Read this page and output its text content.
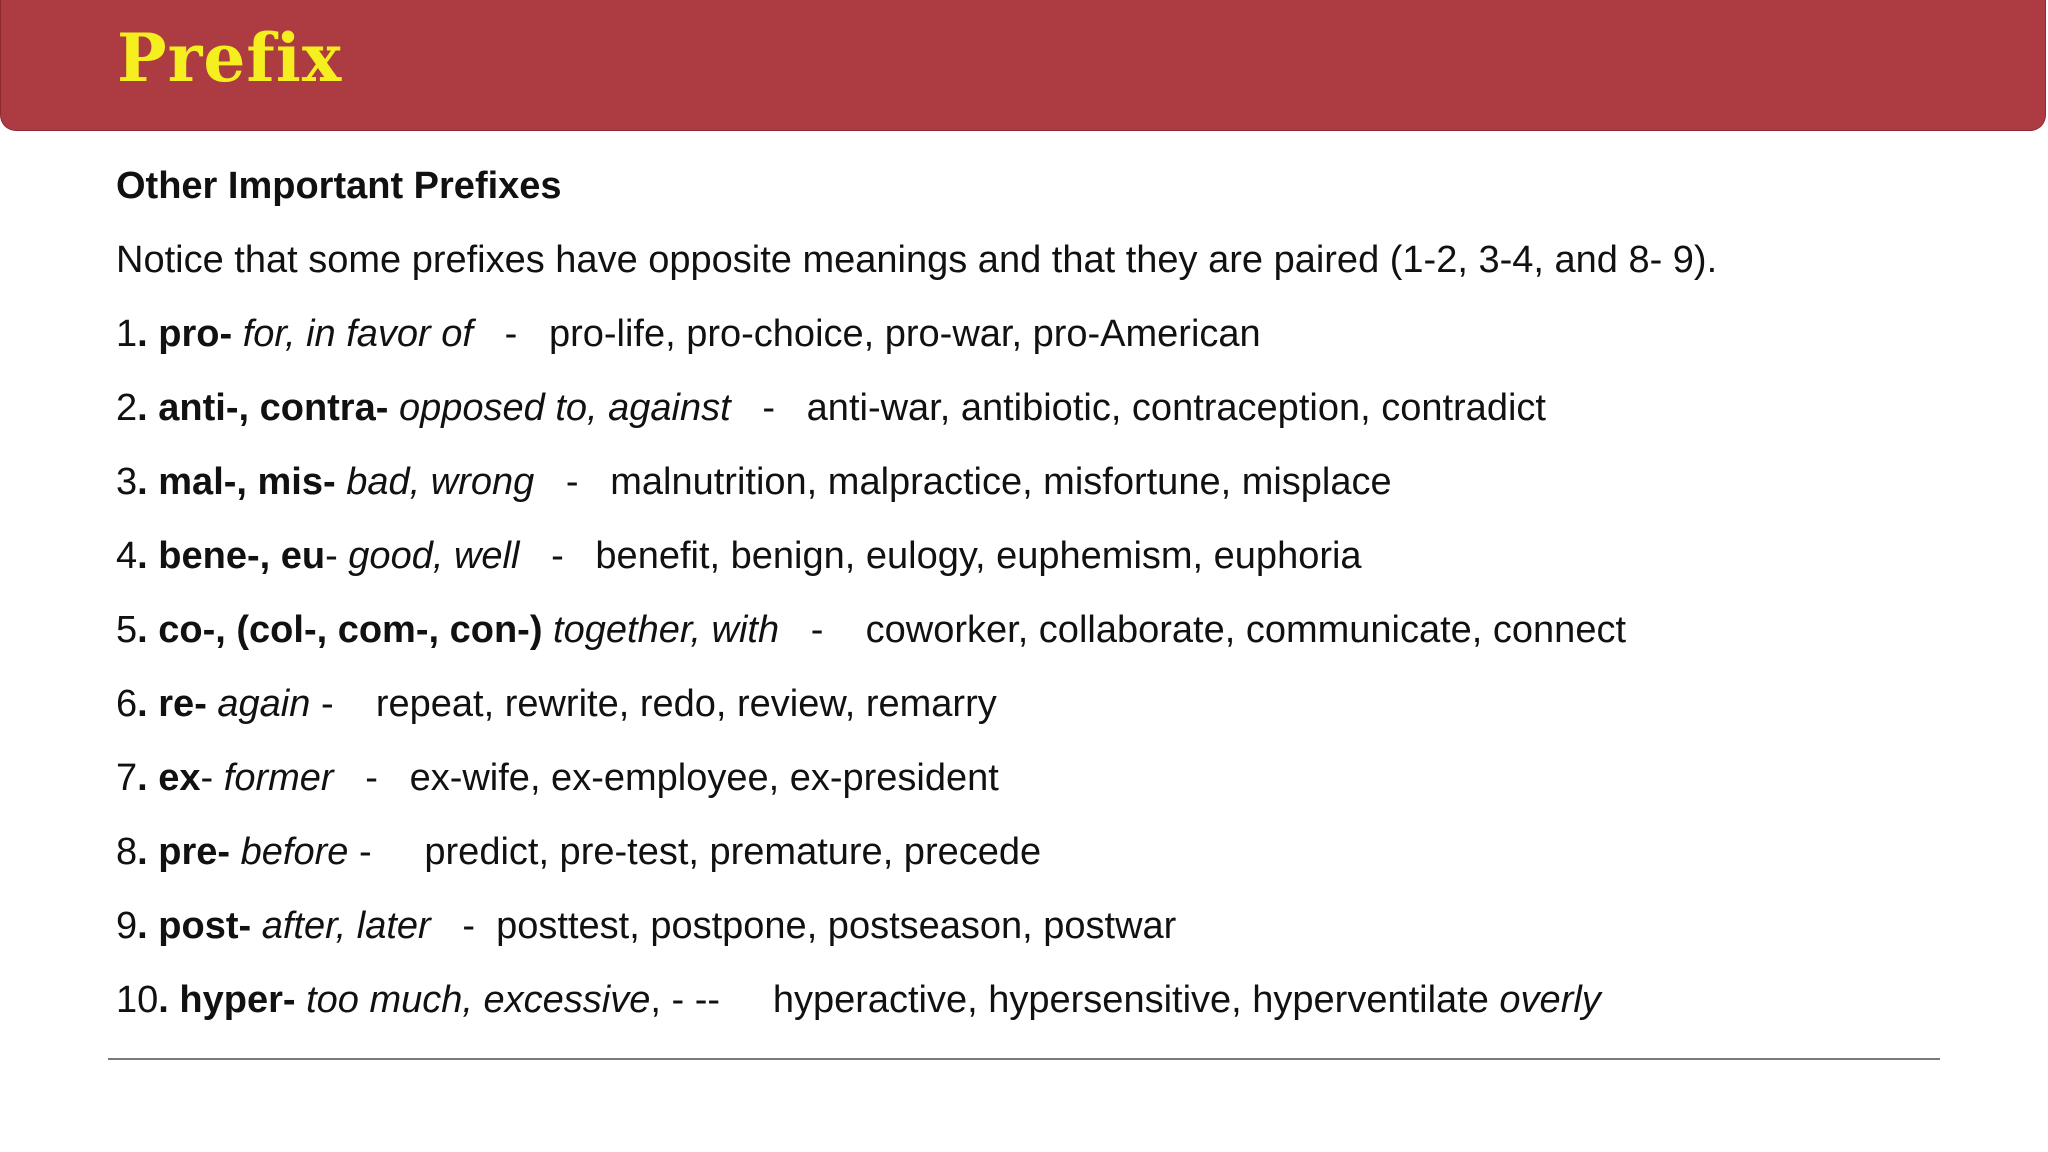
Prefix
Other Important Prefixes
Notice that some prefixes have opposite meanings and that they are paired (1-2, 3-4, and 8- 9).
1. pro- for, in favor of   -   pro-life, pro-choice, pro-war, pro-American
2. anti-, contra- opposed to, against   -   anti-war, antibiotic, contraception, contradict
3. mal-, mis- bad, wrong   -   malnutrition, malpractice, misfortune, misplace
4. bene-, eu- good, well   -   benefit, benign, eulogy, euphemism, euphoria
5. co-, (col-, com-, con-) together, with   -    coworker, collaborate, communicate, connect
6. re- again -    repeat, rewrite, redo, review, remarry
7. ex- former   -   ex-wife, ex-employee, ex-president
8. pre- before -     predict, pre-test, premature, precede
9. post- after, later   -  posttest, postpone, postseason, postwar
10. hyper- too much, excessive, - --     hyperactive, hypersensitive, hyperventilate overly
